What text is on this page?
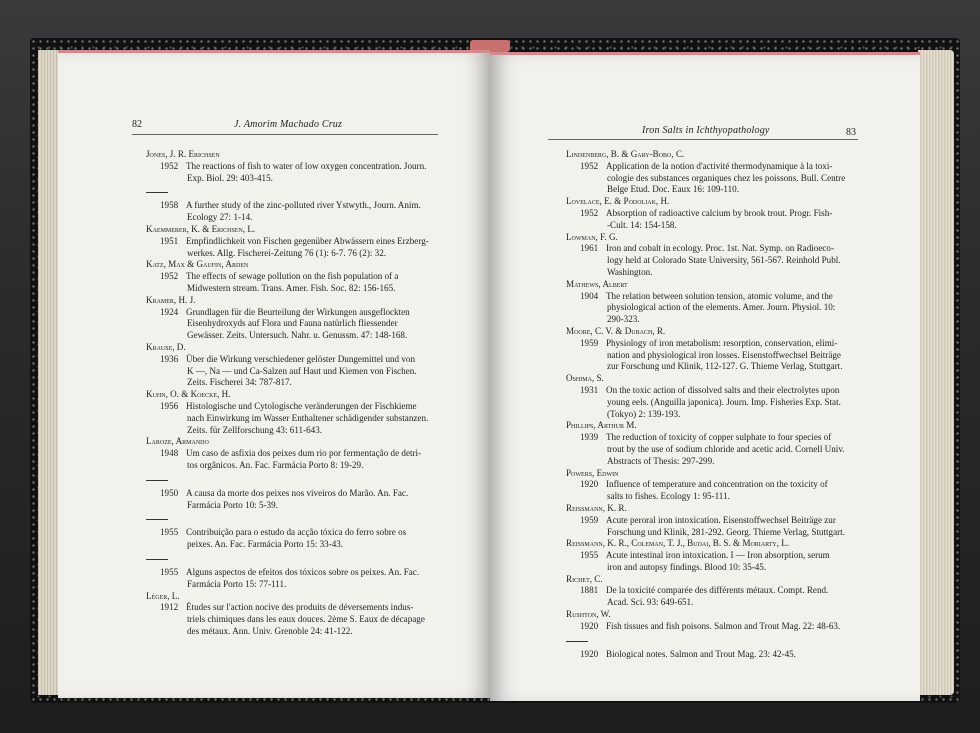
82	J. Amorim Machado Cruz
Jones, J. R. Erichsen
1952 The reactions of fish to water of low oxygen concentration. Journ.
Exp. Biol. 29: 403-415.
1958 A further study of the zinc-polluted river Ystwyth., Journ. Anim.
Ecology 27: 1-14.
Kaemmerer, K. & Erichsen, L.
1951 Empfindlichkeit von Fischen gegenüber Abwässern eines Erzberg-
werkes. Allg. Fischerei-Zeitung 76 (1): 6-7. 76 (2): 32.
Katz, Max & Gaufin, Arden
1952 The effects of sewage pollution on the fish population of a
Midwestern stream. Trans. Amer. Fish. Soc. 82: 156-165.
Kramer, H. J.
1924 Grundlagen für die Beurteilung der Wirkungen ausgeflockten
Eisenhydroxyds auf Flora und Fauna natürlich fliessender
Gewässer. Zeits. Untersuch. Nahr. u. Genussm. 47: 148-168.
Krause, D.
1936 Über die Wirkung verschiedener gelöster Dungemittel und von
K —, Na — und Ca-Salzen auf Haut und Kiemen von Fischen.
Zeits. Fischerei 34: 787-817.
Kuhn, O. & Koecke, H.
1956 Histologische und Cytologische veränderungen der Fischkieme
nach Einwirkung im Wasser Enthaltener schädigender substanzen.
Zeits. für Zellforschung 43: 611-643.
Laroze, Armando
1948 Um caso de asfixia dos peixes dum rio por fermentação de detri-
tos orgânicos. An. Fac. Farmácia Porto 8: 19-29.
1950 A causa da morte dos peixes nos viveiros do Marão. An. Fac.
Farmácia Porto 10: 5-39.
1955 Contribuição para o estudo da acção tóxica do ferro sobre os
peixes. An. Fac. Farmácia Porto 15: 33-43.
1955 Alguns aspectos de efeitos dos tóxicos sobre os peixes. An. Fac.
Farmácia Porto 15: 77-111.
Léger, L.
1912 Études sur l'action nocive des produits de déversements indus-
triels chimiques dans les eaux douces. 2ème S. Eaux de décapage
des métaux. Ann. Univ. Grenoble 24: 41-122.
Iron Salts in Ichthyopathology	83
Lindenberg, B. & Gary-Bobo, C.
1952 Application de la notion d'activité thermodynamique à la toxi-
cologie des substances organiques chez les poissons. Bull. Centre
Belge Etud. Doc. Eaux 16: 109-110.
Lovelace, E. & Podoliak, H.
1952 Absorption of radioactive calcium by brook trout. Progr. Fish-
-Cult. 14: 154-158.
Lowman, F. G.
1961 Iron and cobalt in ecology. Proc. 1st. Nat. Symp. on Radioeco-
logy held at Colorado State University, 561-567. Reinhold Publ.
Washington.
Mathews, Albert
1904 The relation between solution tension, atomic volume, and the
physiological action of the elements. Amer. Journ. Physiol. 10:
290-323.
Moore, C. V. & Dubach, R.
1959 Physiology of iron metabolism: resorption, conservation, elimi-
nation and physiological iron losses. Eisenstoffwechsel Beiträge
zur Forschung und Klinik, 112-127. G. Thieme Verlag, Stuttgart.
Oshima, S.
1931 On the toxic action of dissolved salts and their electrolytes upon
young eels. (Anguilla japonica). Journ. Imp. Fisheries Exp. Stat.
(Tokyo) 2: 139-193.
Phillips, Arthur M.
1939 The reduction of toxicity of copper sulphate to four species of
trout by the use of sodium chloride and acetic acid. Cornell Univ.
Abstracts of Thesis: 297-299.
Powers, Edwin
1920 Influence of temperature and concentration on the toxicity of
salts to fishes. Ecology 1: 95-111.
Reissmann, K. R.
1959 Acute peroral iron intoxication. Eisenstoffwechsel Beiträge zur
Forschung und Klinik, 281-292. Georg. Thieme Verlag, Stuttgart.
Reissmann, K. R., Coleman, T. J., Budai, B. S. & Moriarty, L.
1955 Acute intestinal iron intoxication. I — Iron absorption, serum
iron and autopsy findings. Blood 10: 35-45.
Richet, C.
1881 De la toxicité comparée des différents métaux. Compt. Rend.
Acad. Sci. 93: 649-651.
Rushton, W.
1920 Fish tissues and fish poisons. Salmon and Trout Mag. 22: 48-63.
1920 Biological notes. Salmon and Trout Mag. 23: 42-45.
